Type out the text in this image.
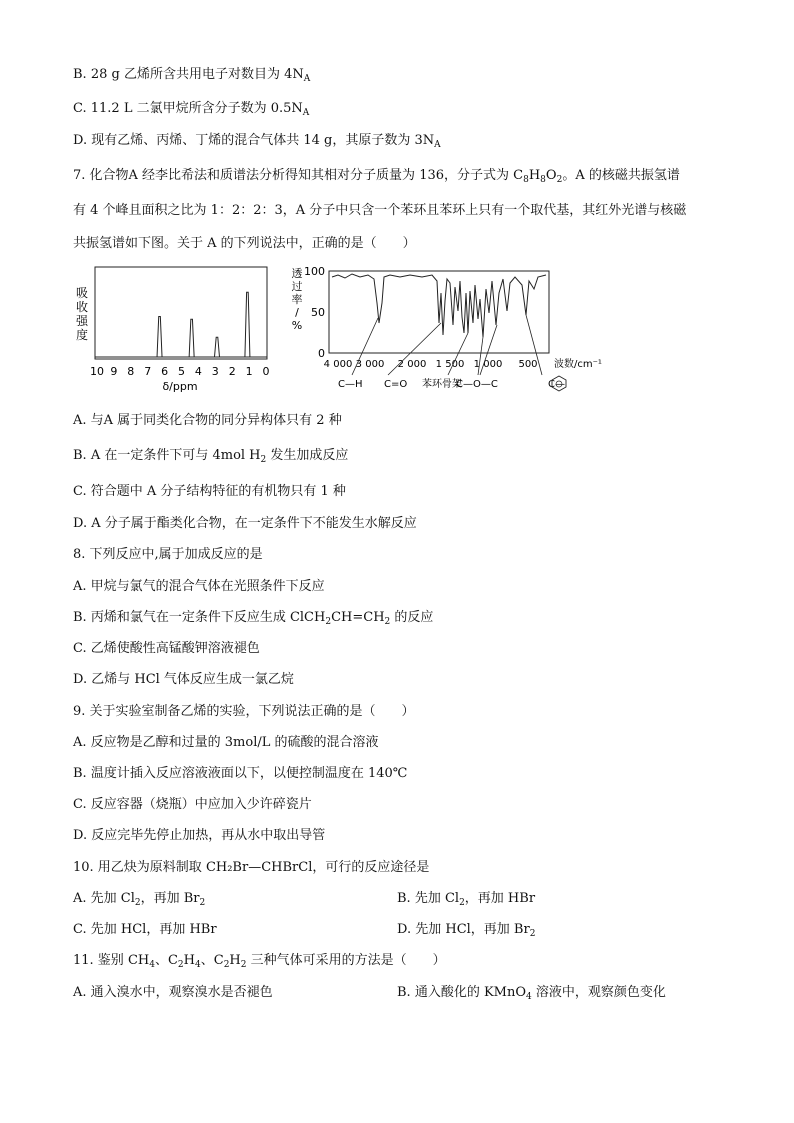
B. 28 g 乙烯所含共用电子对数目为 $4N_A$
C. 11.2 L 二氯甲烷所含分子数为 $0.5N_A$
D. 现有乙烯、丙烯、丁烯的混合气体共 14 g，其原子数为 $3N_A$
7. 化合物A 经李比希法和质谱法分析得知其相对分子质量为 136，分子式为 $C_8H_8O_2$。A 的核磁共振氢谱
有 4 个峰且面积之比为 1：2：2：3，A 分子中只含一个苯环且苯环上只有一个取代基，其红外光谱与核磁
共振氢谱如下图。关于 A 的下列说法中，正确的是（　　）
吸
收
强
度
10 9 8 7 6 5 4 3 2 1 0
δ/ppm
透
过
率
/
%
100
50
0
4 000 3 000 2 000 1 500 1 000 500 波数/cm⁻¹
C—H C=O 苯环骨架
C—O—C	C—
A. 与A 属于同类化合物的同分异构体只有 2 种
B. A 在一定条件下可与 4mol $H_2$ 发生加成反应
C. 符合题中 A 分子结构特征的有机物只有 1 种
D. A 分子属于酯类化合物，在一定条件下不能发生水解反应
8. 下列反应中,属于加成反应的是
A. 甲烷与氯气的混合气体在光照条件下反应
B. 丙烯和氯气在一定条件下反应生成 $ClCH_2CH=CH_2$ 的反应
C. 乙烯使酸性高锰酸钾溶液褪色
D. 乙烯与 HCl 气体反应生成一氯乙烷
9. 关于实验室制备乙烯的实验，下列说法正确的是（　　）
A. 反应物是乙醇和过量的 3mol/L 的硫酸的混合溶液
B. 温度计插入反应溶液液面以下，以便控制温度在 140℃
C. 反应容器（烧瓶）中应加入少许碎瓷片
D. 反应完毕先停止加热，再从水中取出导管
10. 用乙炔为原料制取 CH₂Br—CHBrCl，可行的反应途径是
A. 先加 $Cl_2$，再加 $Br_2$	B. 先加 $Cl_2$，再加 HBr
C. 先加 HCl，再加 HBr	D. 先加 HCl，再加 $Br_2$
11. 鉴别 $CH_4$、$C_2H_4$、$C_2H_2$ 三种气体可采用的方法是（　　）
A. 通入溴水中，观察溴水是否褪色	B. 通入酸化的 KMnO$_4$ 溶液中，观察颜色变化
